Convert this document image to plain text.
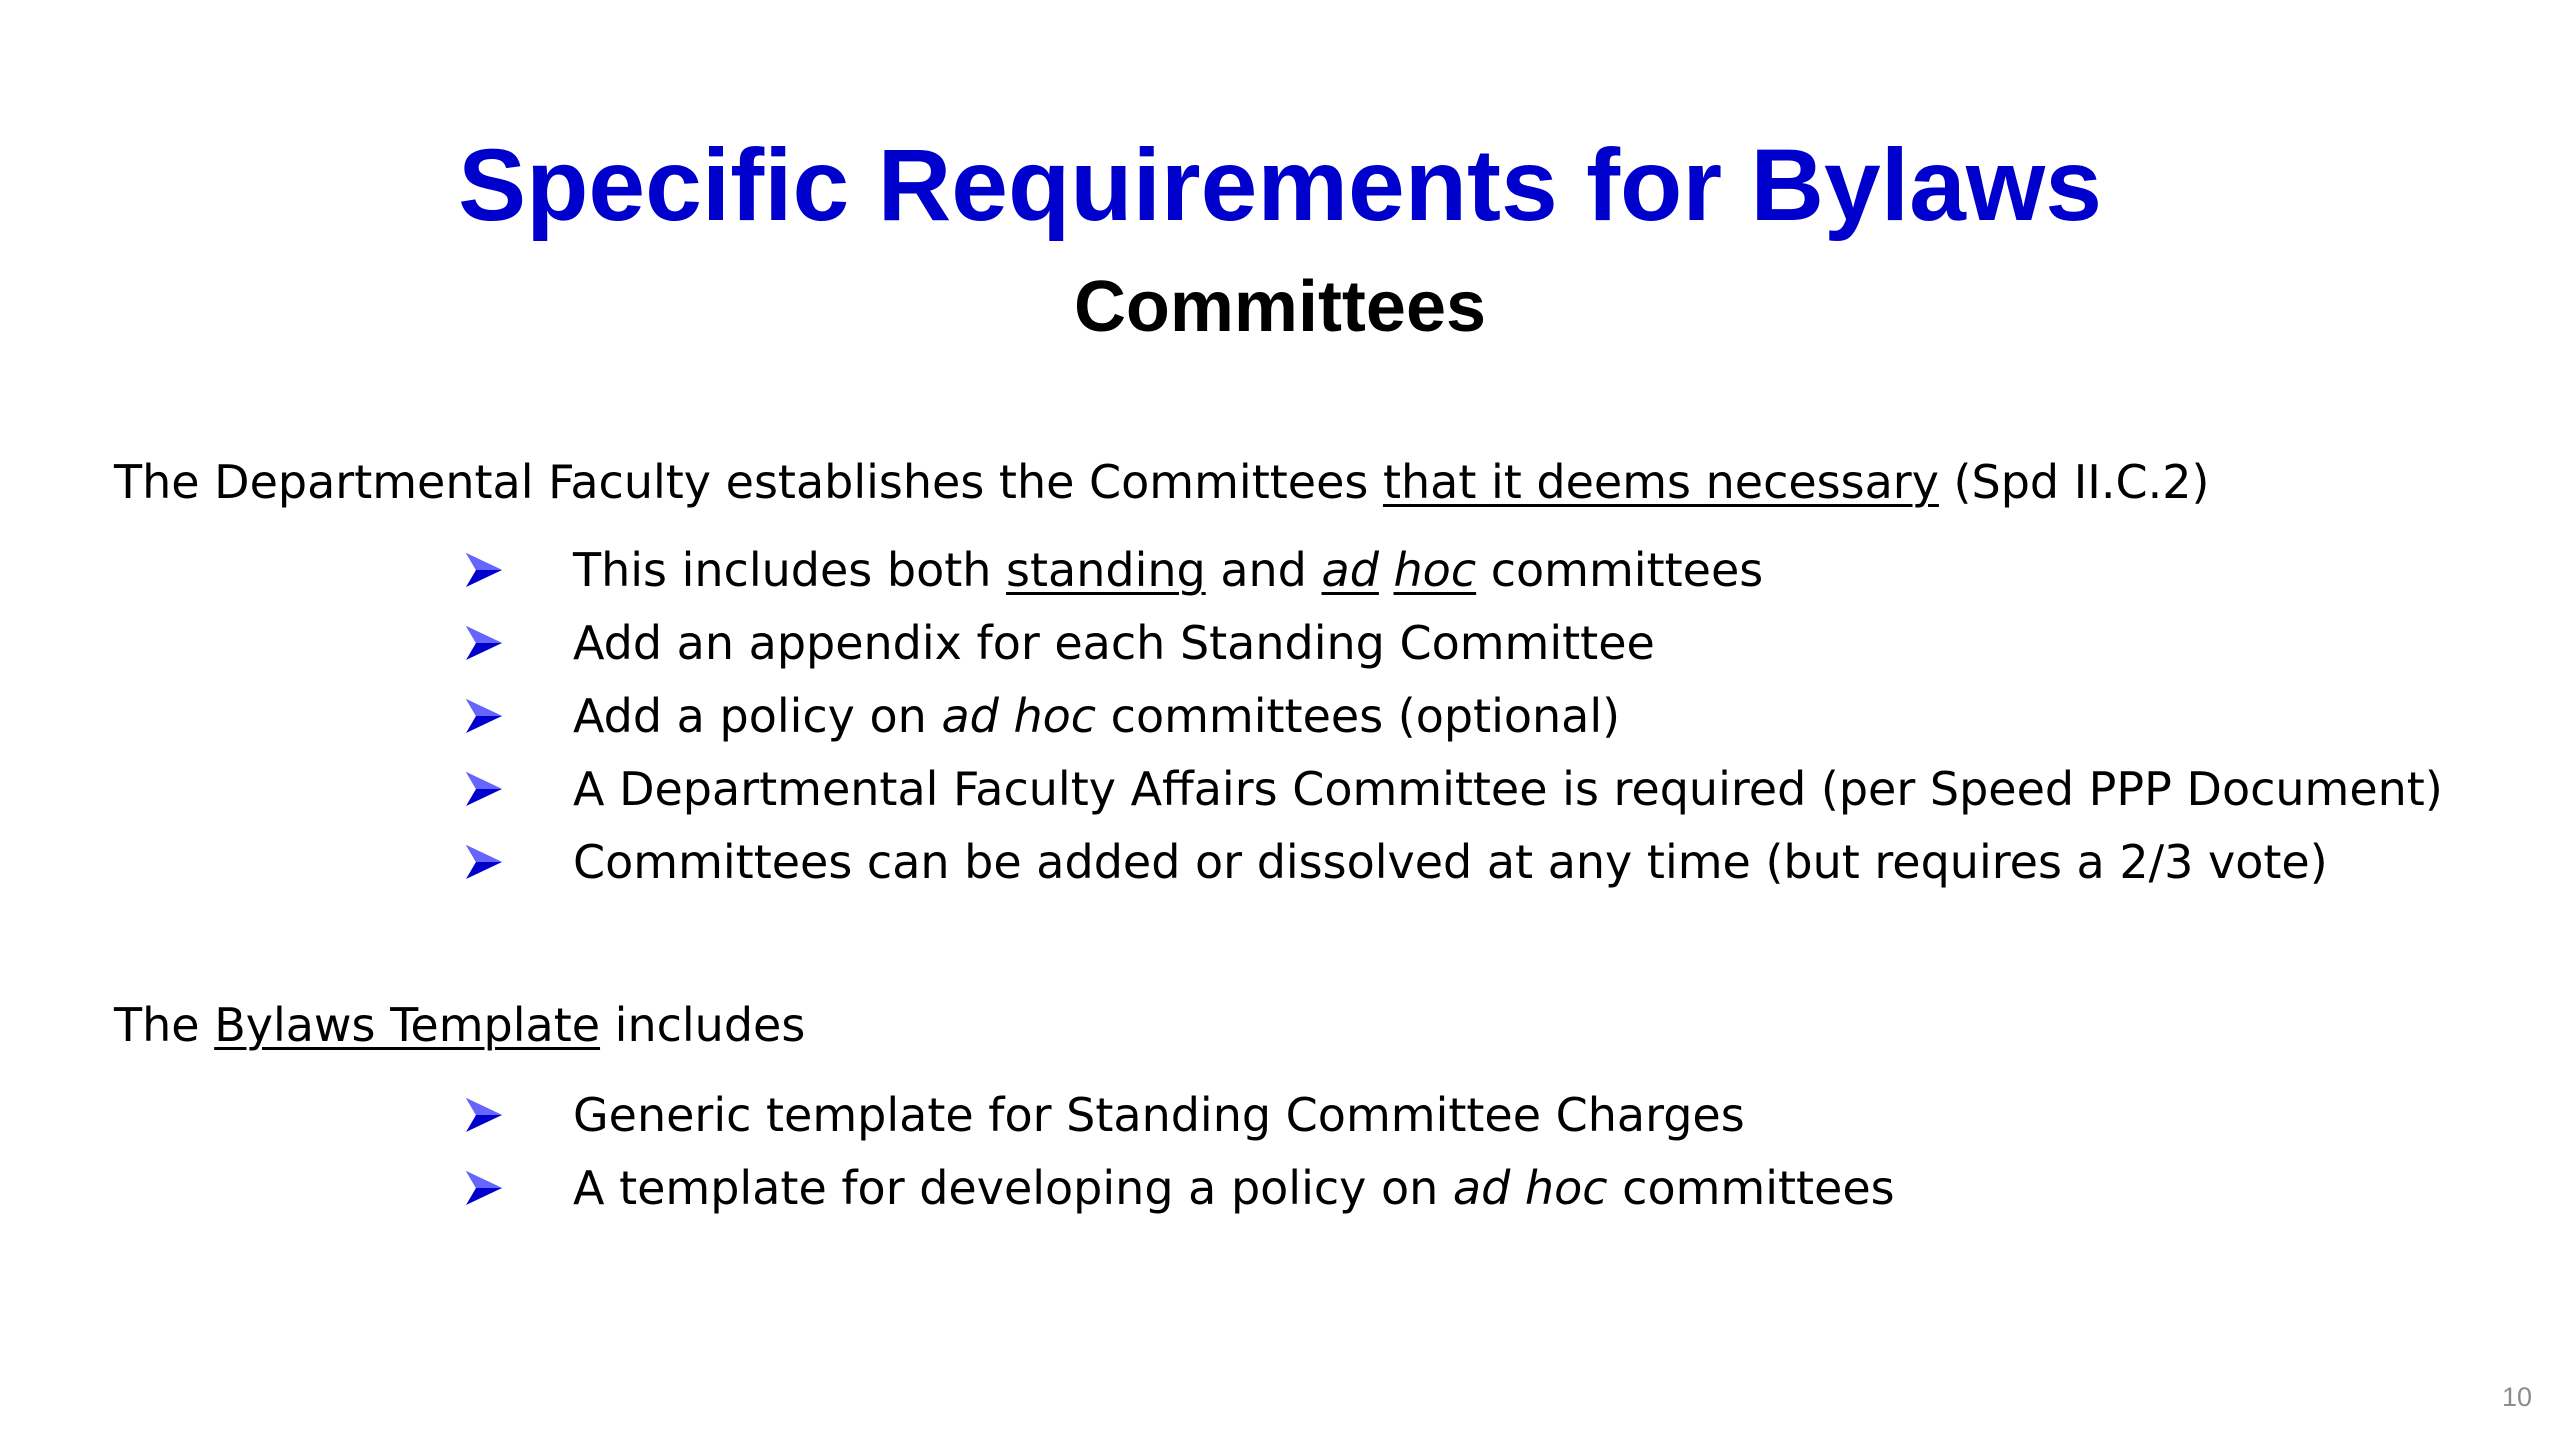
Specific Requirements for Bylaws
Committees

The Departmental Faculty establishes the Committees that it deems necessary (Spd II.C.2)

This includes both standing and ad hoc committees
Add an appendix for each Standing Committee
Add a policy on ad hoc committees (optional)
A Departmental Faculty Affairs Committee is required (per Speed PPP Document)
Committees can be added or dissolved at any time (but requires a 2/3 vote)

The Bylaws Template includes

Generic template for Standing Committee Charges
A template for developing a policy on ad hoc committees
10
